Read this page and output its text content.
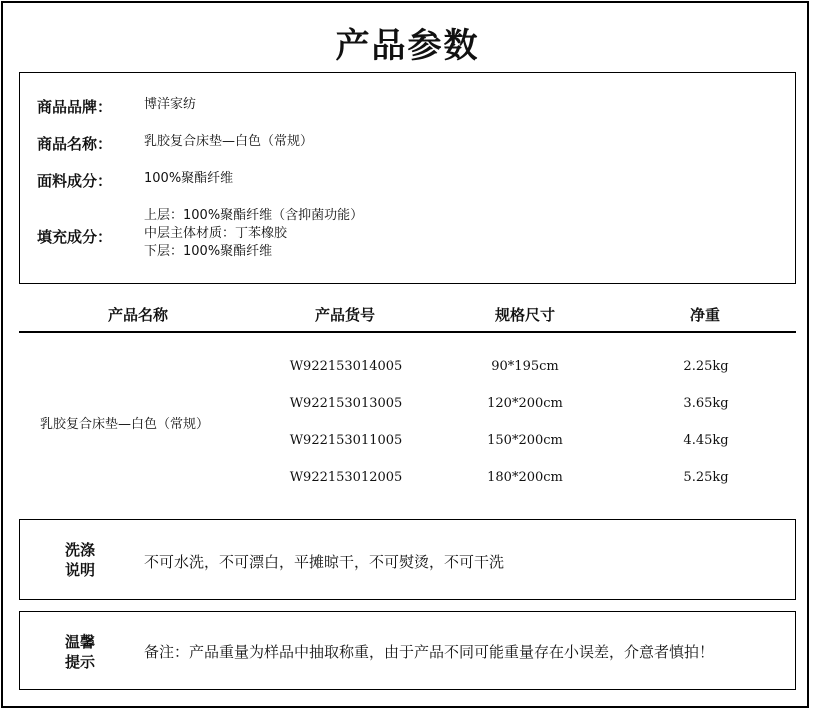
产品参数
商品品牌： 博洋家纺
商品名称： 乳胶复合床垫—白色（常规）
面料成分： 100%聚酯纤维
填充成分：
上层：100%聚酯纤维（含抑菌功能）
中层主体材质：丁苯橡胶
下层：100%聚酯纤维
产品名称	产品货号	规格尺寸	净重
乳胶复合床垫—白色（常规）
W922153014005	90*195cm	2.25kg
W922153013005	120*200cm	3.65kg
W922153011005	150*200cm	4.45kg
W922153012005	180*200cm	5.25kg
洗涤
说明	不可水洗，不可漂白，平摊晾干，不可熨烫，不可干洗
温馨
提示
备注：产品重量为样品中抽取称重，由于产品不同可能重量存在小误差，介意者慎拍！
